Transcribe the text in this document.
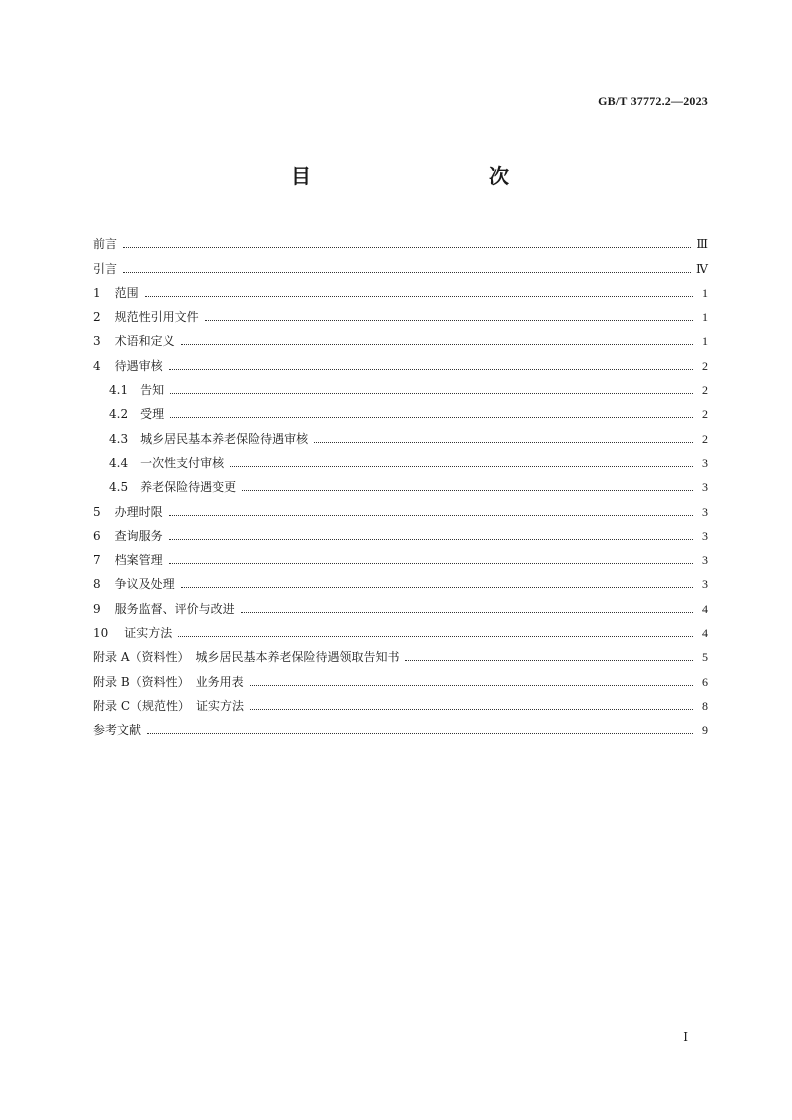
GB/T 37772.2—2023
目　　次
前言	Ⅲ
引言	Ⅳ
1 范围	1
2 规范性引用文件	1
3 术语和定义	1
4 待遇审核	2
4.1 告知	2
4.2 受理	2
4.3 城乡居民基本养老保险待遇审核	2
4.4 一次性支付审核	3
4.5 养老保险待遇变更	3
5 办理时限	3
6 查询服务	3
7 档案管理	3
8 争议及处理	3
9 服务监督、评价与改进	4
10 证实方法	4
附录 A（资料性）　城乡居民基本养老保险待遇领取告知书	5
附录 B（资料性）　业务用表	6
附录 C（规范性）　证实方法	8
参考文献	9
Ⅰ
